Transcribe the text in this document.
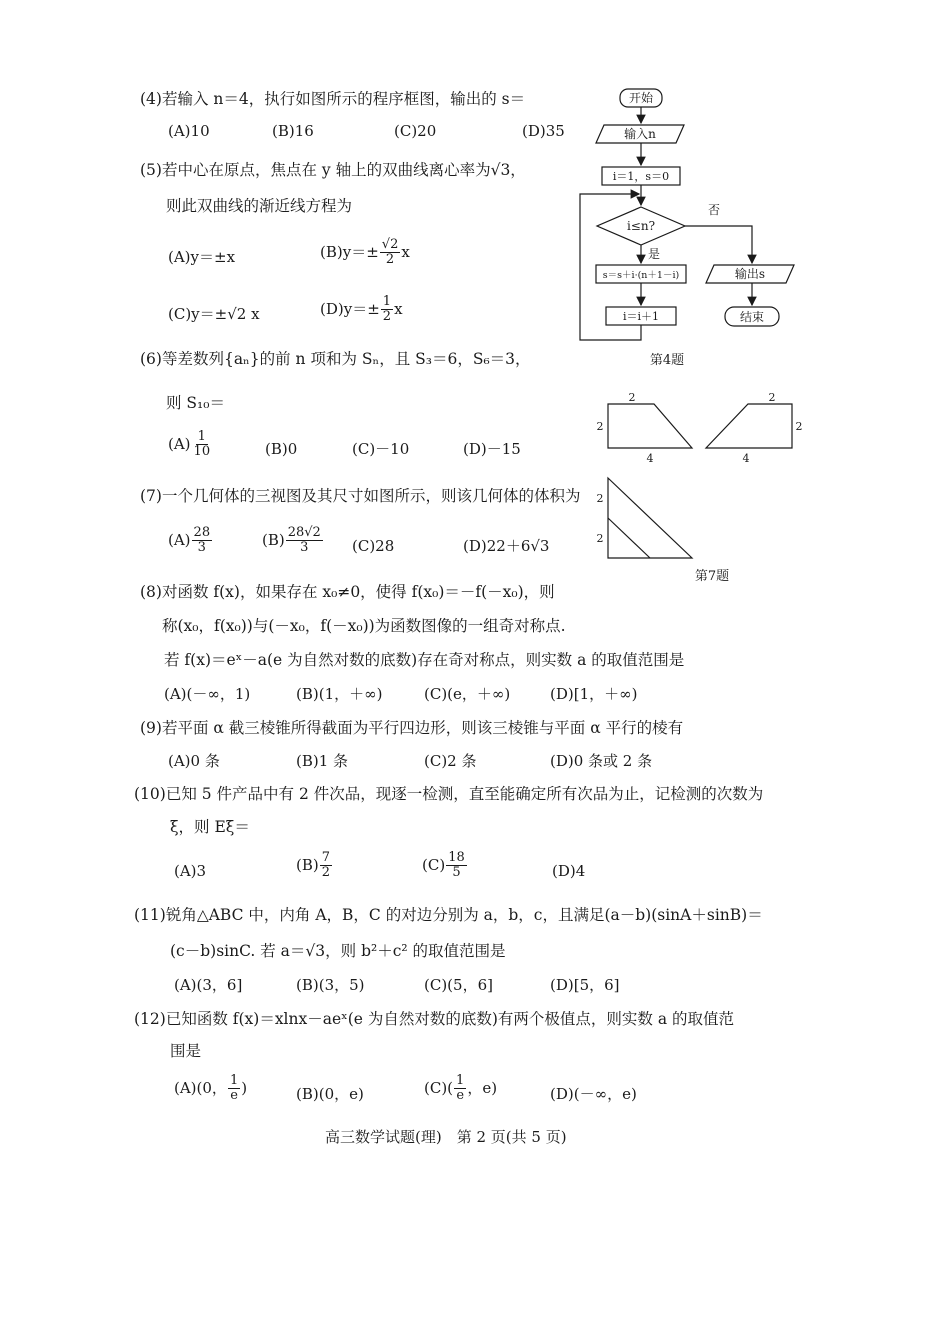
(4)若输入 n＝4，执行如图所示的程序框图，输出的 s＝
(A)10	(B)16	(C)20	(D)35
(5)若中心在原点，焦点在 y 轴上的双曲线离心率为√3，
则此双曲线的渐近线方程为
(A)y＝±x	$(B)y=\pm \frac{√2}{2}$ x
(C)y＝±√2 x	$(D)y=\pm \frac{1}{2}$ x
(6)等差数列{aₙ}的前 n 项和为 Sₙ，且 S₃＝6，S₆＝3，
则 S₁₀＝
$(A) \frac{1}{10}$	(B)0	(C)－10	(D)－15
(7)一个几何体的三视图及其尺寸如图所示，则该几何体的体积为
$(A) \frac{28}{3}$	$(B) \frac{28√2}{3} (C)28$	(D)22＋6√3
(8)对函数 f(x)，如果存在 x₀≠0，使得 f(x₀)＝－f(－x₀)，则
称(x₀，f(x₀))与(－x₀，f(－x₀))为函数图像的一组奇对称点.
若 f(x)＝eˣ－a(e 为自然对数的底数)存在奇对称点，则实数 a 的取值范围是
(A)(－∞，1)	(B)(1，＋∞)	(C)(e，＋∞)	(D)[1，＋∞)
(9)若平面 α 截三棱锥所得截面为平行四边形，则该三棱锥与平面 α 平行的棱有
(A)0 条	(B)1 条	(C)2 条	(D)0 条或 2 条
(10)已知 5 件产品中有 2 件次品，现逐一检测，直至能确定所有次品为止，记检测的次数为
ξ，则 Eξ＝
(A)3	$(B) \frac{7}{2}$	$(C) \frac{18}{5}$	(D)4
(11)锐角△ABC 中，内角 A，B，C 的对边分别为 a，b，c，且满足(a－b)(sinA＋sinB)＝
(c－b)sinC. 若 a＝√3，则 b²＋c² 的取值范围是
(A)(3，6]	(B)(3，5)	(C)(5，6]	(D)[5，6]
(12)已知函数 f(x)＝xlnx－aeˣ(e 为自然对数的底数)有两个极值点，则实数 a 的取值范
围是
(A)(0， $\frac{1}{e}$ )	(B)(0，e)	$(C)( \frac{1}{e}$ ，e)	(D)(－∞，e)
高三数学试题(理)　第 2 页(共 5 页)
开始
输入n
i＝1，s＝0
i≤n?
否
是
s＝s＋i·(n＋1－i)	输出s
结束
i＝i＋1
第4题
2
2
4
2
2
4
2
2
第7题
